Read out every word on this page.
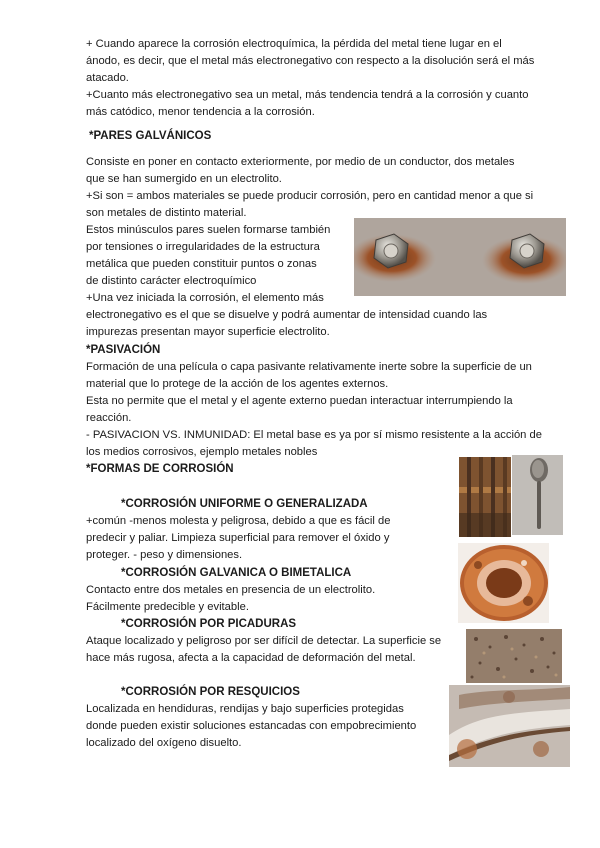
+ Cuando aparece la corrosión electroquímica, la pérdida del metal tiene lugar en el

ánodo, es decir, que el metal más electronegativo con respecto a la disolución será el más

atacado.

+Cuanto más electronegativo sea un metal, más tendencia tendrá a la corrosión y cuanto

más catódico, menor tendencia a la corrosión.

*PARES GALVÁNICOS

Consiste en poner en contacto exteriormente, por medio de un conductor, dos metales

que se han sumergido en un electrolito.

+Si son = ambos materiales se puede producir corrosión, pero en cantidad menor a que si

son metales de distinto material.

Estos minúsculos pares suelen formarse también

por tensiones o irregularidades de la estructura

metálica que pueden constituir puntos o zonas

de distinto carácter electroquímico

+Una vez iniciada la corrosión, el elemento más

electronegativo es el que se disuelve y podrá aumentar de intensidad cuando las

impurezas presentan mayor superficie electrolito.

*PASIVACIÓN

Formación de una película o capa pasivante relativamente inerte sobre la superficie de un

material que lo protege de la acción de los agentes externos.

Esta no permite que el metal y el agente externo puedan interactuar interrumpiendo la

reacción.

- PASIVACION VS. INMUNIDAD: El metal base es ya por sí mismo resistente a la acción de

los medios corrosivos, ejemplo metales nobles

*FORMAS DE CORROSIÓN
*CORROSIÓN UNIFORME O GENERALIZADA

+común -menos molesta y peligrosa, debido a que es fácil de

predecir y paliar. Limpieza superficial para remover el óxido y

proteger. - peso y dimensiones.

*CORROSIÓN GALVANICA O BIMETALICA

Contacto entre dos metales en presencia de un electrolito.

Fácilmente predecible y evitable.

*CORROSIÓN POR PICADURAS

Ataque localizado y peligroso por ser difícil de detectar. La superficie se

hace más rugosa, afecta a la capacidad de deformación del metal.

*CORROSIÓN POR RESQUICIOS

Localizada en hendiduras, rendijas y bajo superficies protegidas

donde pueden existir soluciones estancadas con empobrecimiento

localizado del oxígeno disuelto.
